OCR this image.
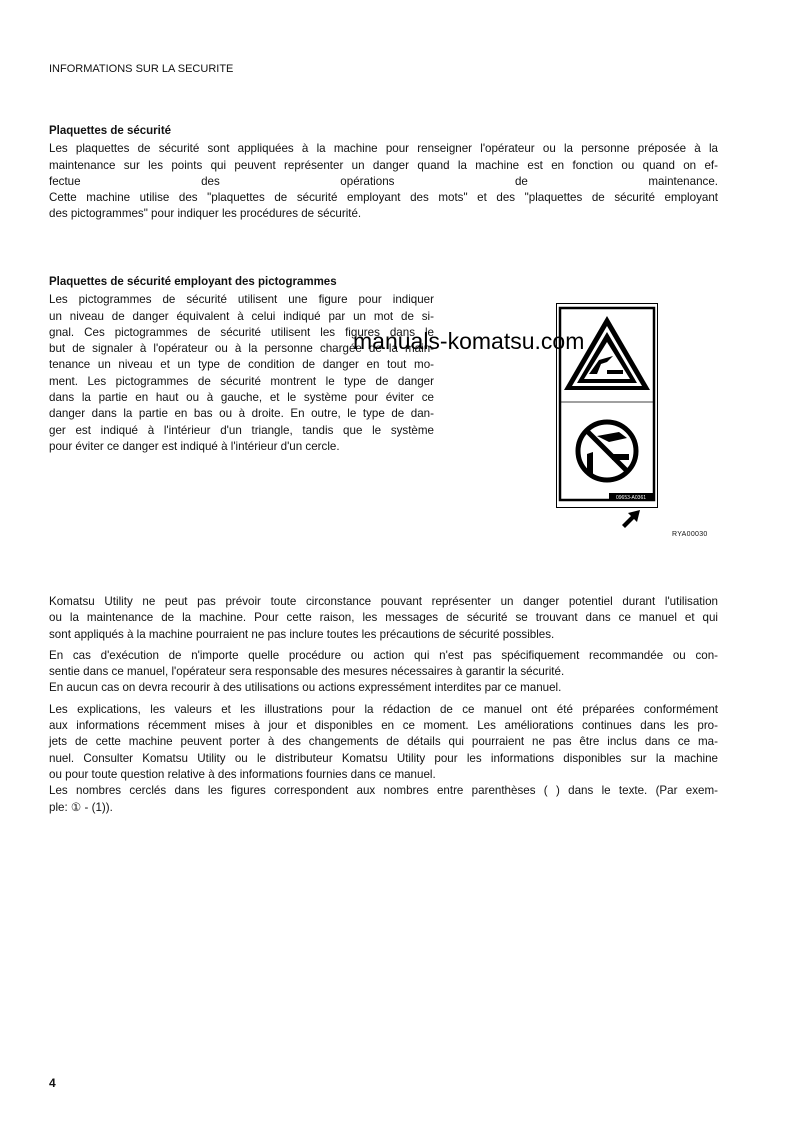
INFORMATIONS SUR LA SECURITE
Plaquettes de sécurité
Les plaquettes de sécurité sont appliquées à la machine pour renseigner l'opérateur ou la personne préposée à la
maintenance sur les points qui peuvent représenter un danger quand la machine est en fonction ou quand on ef-
fectue des opérations de maintenance.
Cette machine utilise des "plaquettes de sécurité employant des mots" et des "plaquettes de sécurité employant
des pictogrammes" pour indiquer les procédures de sécurité.
Plaquettes de sécurité employant des pictogrammes
Les pictogrammes de sécurité utilisent une figure pour indiquer
un niveau de danger équivalent à celui indiqué par un mot de si-
gnal. Ces pictogrammes de sécurité utilisent les figures dans le
but de signaler à l'opérateur ou à la personne chargée de la main-
tenance un niveau et un type de condition de danger en tout mo-
ment. Les pictogrammes de sécurité montrent le type de danger
dans la partie en haut ou à gauche, et le système pour éviter ce
danger dans la partie en bas ou à droite. En outre, le type de dan-
ger est indiqué à l'intérieur d'un triangle, tandis que le système
pour éviter ce danger est indiqué à l'intérieur d'un cercle.
09653-A0361
RYA00030
manuals-komatsu.com
Komatsu Utility ne peut pas prévoir toute circonstance pouvant représenter un danger potentiel durant l'utilisation
ou la maintenance de la machine. Pour cette raison, les messages de sécurité se trouvant dans ce manuel et qui
sont appliqués à la machine pourraient ne pas inclure toutes les précautions de sécurité possibles.
En cas d'exécution de n'importe quelle procédure ou action qui n'est pas spécifiquement recommandée ou con-
sentie dans ce manuel, l'opérateur sera responsable des mesures nécessaires à garantir la sécurité.
En aucun cas on devra recourir à des utilisations ou actions expressément interdites par ce manuel.
Les explications, les valeurs et les illustrations pour la rédaction de ce manuel ont été préparées conformément
aux informations récemment mises à jour et disponibles en ce moment. Les améliorations continues dans les pro-
jets de cette machine peuvent porter à des changements de détails qui pourraient ne pas être inclus dans ce ma-
nuel. Consulter Komatsu Utility ou le distributeur Komatsu Utility pour les informations disponibles sur la machine
ou pour toute question relative à des informations fournies dans ce manuel.
Les nombres cerclés dans les figures correspondent aux nombres entre parenthèses ( ) dans le texte. (Par exem-
ple: ① - (1)).
4
